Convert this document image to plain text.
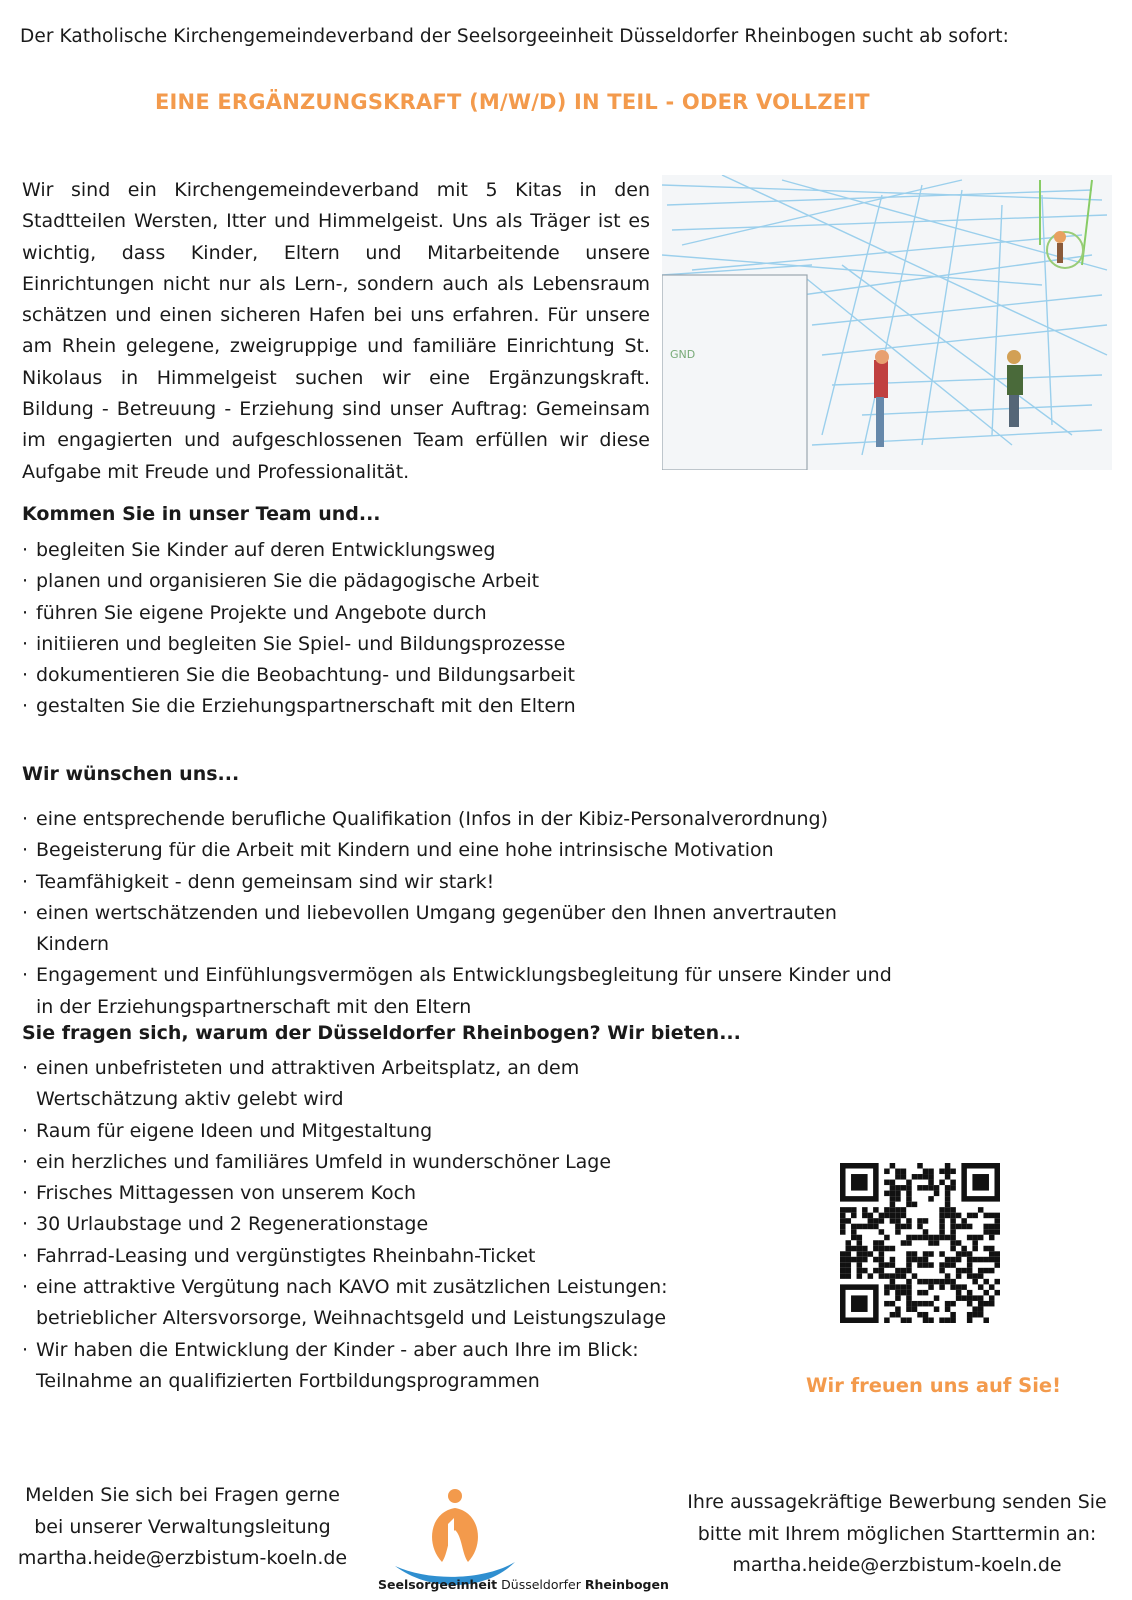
Der Katholische Kirchengemeindeverband der Seelsorgeeinheit Düsseldorfer Rheinbogen sucht ab sofort:
EINE ERGÄNZUNGSKRAFT (M/W/D) IN TEIL - ODER VOLLZEIT
Wir sind ein Kirchengemeindeverband mit 5 Kitas in den Stadtteilen Wersten, Itter und Himmelgeist. Uns als Träger ist es wichtig, dass Kinder, Eltern und Mitarbeitende unsere Einrichtungen nicht nur als Lern-, sondern auch als Lebensraum schätzen und einen sicheren Hafen bei uns erfahren. Für unsere am Rhein gelegene, zweigruppige und familiäre Einrichtung St. Nikolaus in Himmelgeist suchen wir eine Ergänzungskraft. Bildung - Betreuung - Erziehung sind unser Auftrag: Gemeinsam im engagierten und aufgeschlossenen Team erfüllen wir diese Aufgabe mit Freude und Professionalität.
GND
Kommen Sie in unser Team und...
· begleiten Sie Kinder auf deren Entwicklungsweg
· planen und organisieren Sie die pädagogische Arbeit
· führen Sie eigene Projekte und Angebote durch
· initiieren und begleiten Sie Spiel- und Bildungsprozesse
· dokumentieren Sie die Beobachtung- und Bildungsarbeit
· gestalten Sie die Erziehungspartnerschaft mit den Eltern
Wir wünschen uns...
· eine entsprechende berufliche Qualifikation (Infos in der Kibiz-Personalverordnung)
· Begeisterung für die Arbeit mit Kindern und eine hohe intrinsische Motivation
· Teamfähigkeit - denn gemeinsam sind wir stark!
· einen wertschätzenden und liebevollen Umgang gegenüber den Ihnen anvertrauten Kindern
· Engagement und Einfühlungsvermögen als Entwicklungsbegleitung für unsere Kinder und in der Erziehungspartnerschaft mit den Eltern
Sie fragen sich, warum der Düsseldorfer Rheinbogen? Wir bieten...
· einen unbefristeten und attraktiven Arbeitsplatz, an dem Wertschätzung aktiv gelebt wird
· Raum für eigene Ideen und Mitgestaltung
· ein herzliches und familiäres Umfeld in wunderschöner Lage
· Frisches Mittagessen von unserem Koch
· 30 Urlaubstage und 2 Regenerationstage
· Fahrrad-Leasing und vergünstigtes Rheinbahn-Ticket
· eine attraktive Vergütung nach KAVO mit zusätzlichen Leistungen: betrieblicher Altersvorsorge, Weihnachtsgeld und Leistungszulage
· Wir haben die Entwicklung der Kinder - aber auch Ihre im Blick: Teilnahme an qualifizierten Fortbildungsprogrammen	Wir freuen uns auf Sie!
Melden Sie sich bei Fragen gerne
bei unserer Verwaltungsleitung
martha.heide@erzbistum-koeln.de
Seelsorgeeinheit Düsseldorfer Rheinbogen
Ihre aussagekräftige Bewerbung senden Sie
bitte mit Ihrem möglichen Starttermin an:
martha.heide@erzbistum-koeln.de
